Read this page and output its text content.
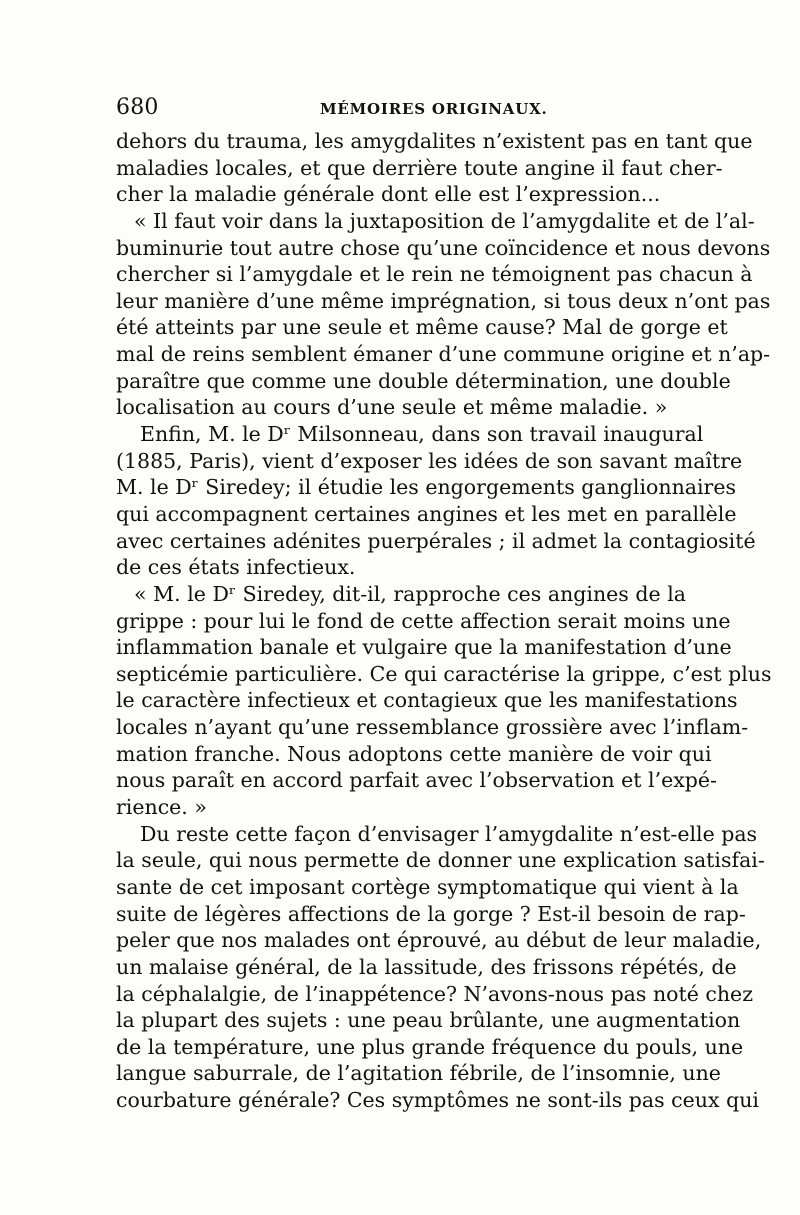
680	MÉMOIRES ORIGINAUX.
dehors du trauma, les amygdalites n’existent pas en tant que
maladies locales, et que derrière toute angine il faut cher-
cher la maladie générale dont elle est l’expression...
« Il faut voir dans la juxtaposition de l’amygdalite et de l’al-
buminurie tout autre chose qu’une coïncidence et nous devons
chercher si l’amygdale et le rein ne témoignent pas chacun à
leur manière d’une même imprégnation, si tous deux n’ont pas
été atteints par une seule et même cause? Mal de gorge et
mal de reins semblent émaner d’une commune origine et n’ap-
paraître que comme une double détermination, une double
localisation au cours d’une seule et même maladie. »
Enfin, M. le Dʳ Milsonneau, dans son travail inaugural
(1885, Paris), vient d’exposer les idées de son savant maître
M. le Dʳ Siredey; il étudie les engorgements ganglionnaires
qui accompagnent certaines angines et les met en parallèle
avec certaines adénites puerpérales ; il admet la contagiosité
de ces états infectieux.
« M. le Dʳ Siredey, dit-il, rapproche ces angines de la
grippe : pour lui le fond de cette affection serait moins une
inflammation banale et vulgaire que la manifestation d’une
septicémie particulière. Ce qui caractérise la grippe, c’est plus
le caractère infectieux et contagieux que les manifestations
locales n’ayant qu’une ressemblance grossière avec l’inflam-
mation franche. Nous adoptons cette manière de voir qui
nous paraît en accord parfait avec l’observation et l’expé-
rience. »
Du reste cette façon d’envisager l’amygdalite n’est-elle pas
la seule, qui nous permette de donner une explication satisfai-
sante de cet imposant cortège symptomatique qui vient à la
suite de légères affections de la gorge ? Est-il besoin de rap-
peler que nos malades ont éprouvé, au début de leur maladie,
un malaise général, de la lassitude, des frissons répétés, de
la céphalalgie, de l’inappétence? N’avons-nous pas noté chez
la plupart des sujets : une peau brûlante, une augmentation
de la température, une plus grande fréquence du pouls, une
langue saburrale, de l’agitation fébrile, de l’insomnie, une
courbature générale? Ces symptômes ne sont-ils pas ceux qui
